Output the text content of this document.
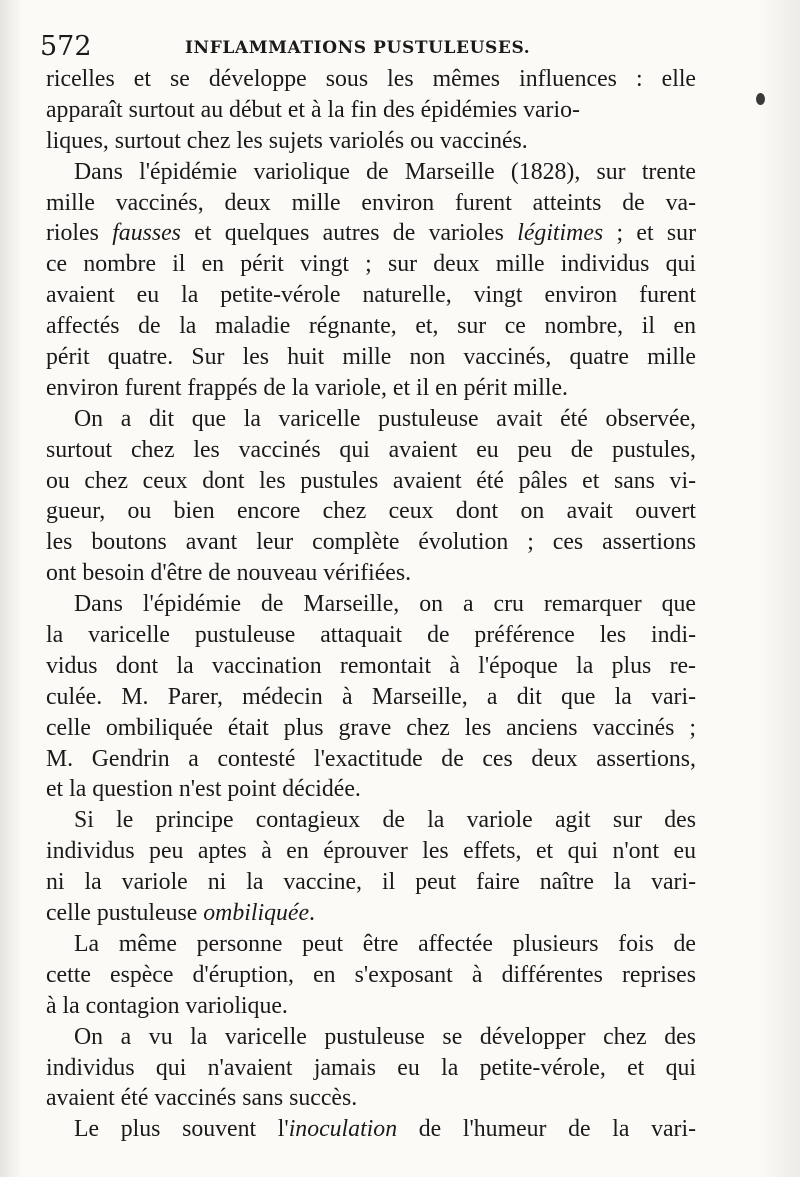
572	INFLAMMATIONS PUSTULEUSES.
ricelles et se développe sous les mêmes influences : elle
apparaît surtout au début et à la fin des épidémies vario-
liques, surtout chez les sujets variolés ou vaccinés.
Dans l'épidémie variolique de Marseille (1828), sur trente
mille vaccinés, deux mille environ furent atteints de va-
rioles fausses et quelques autres de varioles légitimes ; et sur
ce nombre il en périt vingt ; sur deux mille individus qui
avaient eu la petite-vérole naturelle, vingt environ furent
affectés de la maladie régnante, et, sur ce nombre, il en
périt quatre. Sur les huit mille non vaccinés, quatre mille
environ furent frappés de la variole, et il en périt mille.
On a dit que la varicelle pustuleuse avait été observée,
surtout chez les vaccinés qui avaient eu peu de pustules,
ou chez ceux dont les pustules avaient été pâles et sans vi-
gueur, ou bien encore chez ceux dont on avait ouvert
les boutons avant leur complète évolution ; ces assertions
ont besoin d'être de nouveau vérifiées.
Dans l'épidémie de Marseille, on a cru remarquer que
la varicelle pustuleuse attaquait de préférence les indi-
vidus dont la vaccination remontait à l'époque la plus re-
culée. M. Parer, médecin à Marseille, a dit que la vari-
celle ombiliquée était plus grave chez les anciens vaccinés ;
M. Gendrin a contesté l'exactitude de ces deux assertions,
et la question n'est point décidée.
Si le principe contagieux de la variole agit sur des
individus peu aptes à en éprouver les effets, et qui n'ont eu
ni la variole ni la vaccine, il peut faire naître la vari-
celle pustuleuse ombiliquée.
La même personne peut être affectée plusieurs fois de
cette espèce d'éruption, en s'exposant à différentes reprises
à la contagion variolique.
On a vu la varicelle pustuleuse se développer chez des
individus qui n'avaient jamais eu la petite-vérole, et qui
avaient été vaccinés sans succès.
Le plus souvent l'inoculation de l'humeur de la vari-
